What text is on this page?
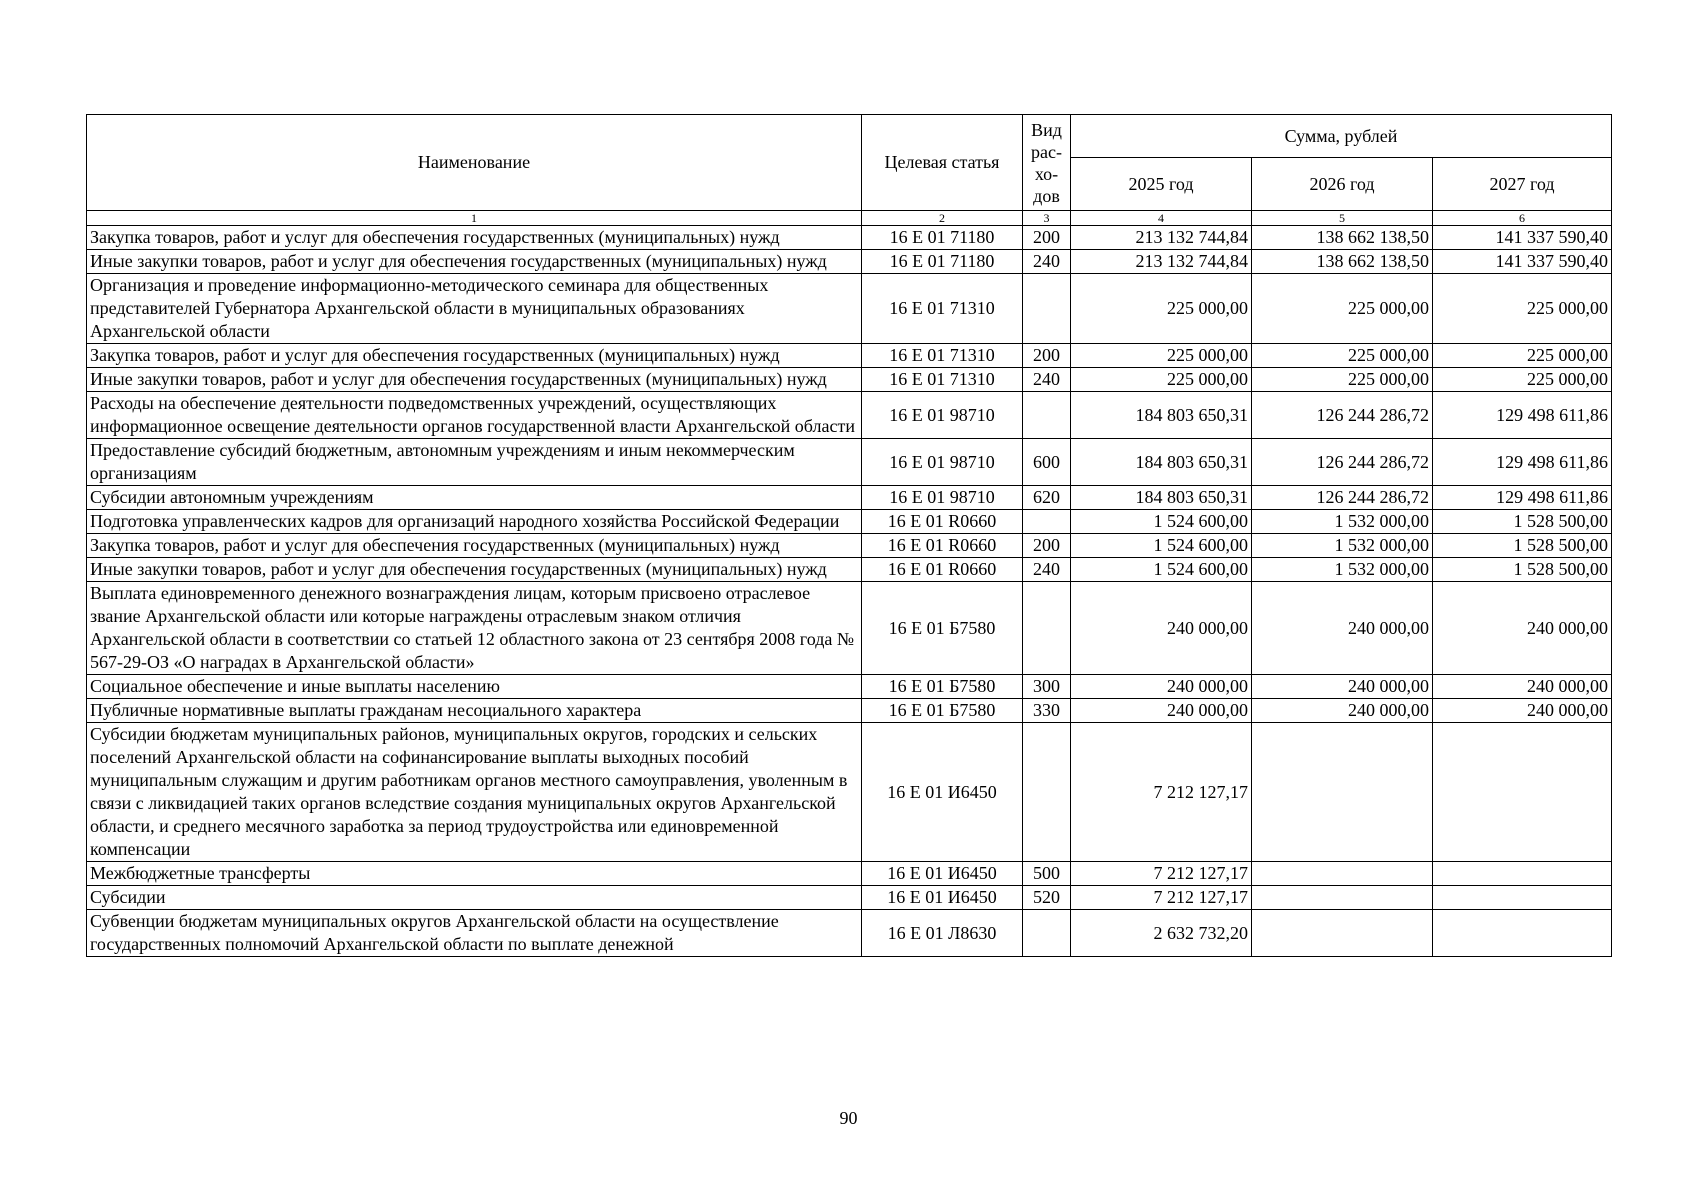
Наименование	Целевая статья	Вид рас-хо-дов	Сумма, рублей		
			2025 год	2026 год	2027 год
1	2	3	4	5	6
Закупка товаров, работ и услуг для обеспечения государственных (муниципальных) нужд	16 Е 01 71180	200	213 132 744,84	138 662 138,50	141 337 590,40
Иные закупки товаров, работ и услуг для обеспечения государственных (муниципальных) нужд	16 Е 01 71180	240	213 132 744,84	138 662 138,50	141 337 590,40
Организация и проведение информационно-методического семинара для общественных представителей Губернатора Архангельской области в муниципальных образованиях Архангельской области	16 Е 01 71310		225 000,00	225 000,00	225 000,00
Закупка товаров, работ и услуг для обеспечения государственных (муниципальных) нужд	16 Е 01 71310	200	225 000,00	225 000,00	225 000,00
Иные закупки товаров, работ и услуг для обеспечения государственных (муниципальных) нужд	16 Е 01 71310	240	225 000,00	225 000,00	225 000,00
Расходы на обеспечение деятельности подведомственных учреждений, осуществляющих информационное освещение деятельности органов государственной власти Архангельской области	16 Е 01 98710		184 803 650,31	126 244 286,72	129 498 611,86
Предоставление субсидий бюджетным, автономным учреждениям и иным некоммерческим организациям	16 Е 01 98710	600	184 803 650,31	126 244 286,72	129 498 611,86
Субсидии автономным учреждениям	16 Е 01 98710	620	184 803 650,31	126 244 286,72	129 498 611,86
Подготовка управленческих кадров для организаций народного хозяйства Российской Федерации	16 Е 01 R0660		1 524 600,00	1 532 000,00	1 528 500,00
Закупка товаров, работ и услуг для обеспечения государственных (муниципальных) нужд	16 Е 01 R0660	200	1 524 600,00	1 532 000,00	1 528 500,00
Иные закупки товаров, работ и услуг для обеспечения государственных (муниципальных) нужд	16 Е 01 R0660	240	1 524 600,00	1 532 000,00	1 528 500,00
Выплата единовременного денежного вознаграждения лицам, которым присвоено отраслевое звание Архангельской области или которые награждены отраслевым знаком отличия Архангельской области в соответствии со статьей 12 областного закона от 23 сентября 2008 года № 567-29-ОЗ «О наградах в Архангельской области»	16 Е 01 Б7580		240 000,00	240 000,00	240 000,00
Социальное обеспечение и иные выплаты населению	16 Е 01 Б7580	300	240 000,00	240 000,00	240 000,00
Публичные нормативные выплаты гражданам несоциального характера	16 Е 01 Б7580	330	240 000,00	240 000,00	240 000,00
Субсидии бюджетам муниципальных районов, муниципальных округов, городских и сельских поселений Архангельской области на софинансирование выплаты выходных пособий муниципальным служащим и другим работникам органов местного самоуправления, уволенным в связи с ликвидацией таких органов вследствие создания муниципальных округов Архангельской области, и среднего месячного заработка за период трудоустройства или единовременной компенсации	16 Е 01 И6450		7 212 127,17		
Межбюджетные трансферты	16 Е 01 И6450	500	7 212 127,17		
Субсидии	16 Е 01 И6450	520	7 212 127,17		
Субвенции бюджетам муниципальных округов Архангельской области на осуществление государственных полномочий Архангельской области по выплате денежной	16 Е 01 Л8630		2 632 732,20		
90
